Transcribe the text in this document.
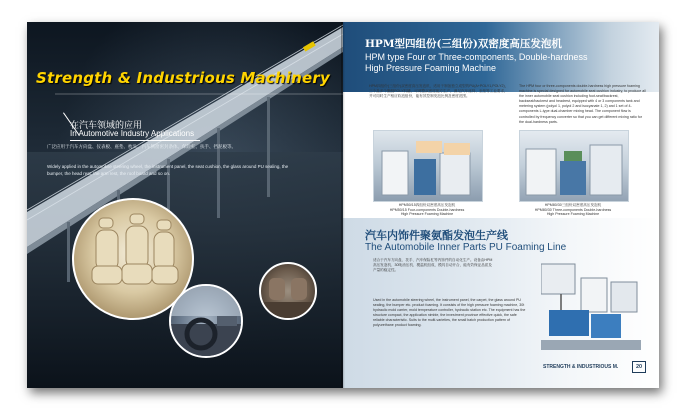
Strength & Industrious Machinery
在汽车领域的应用
In Automotive Industry Applications
广泛应用于汽车方向盘、仪表板、座垫、枕头、汽车侧窗密封条体、保险杠、扶手、挡泥板等。
Widely applied in the automobile steering wheel, the instrument panel, the seat cushion, the glass around PU sealing, the bumper, the head rest, the arm rest, the roof board and so on.
HPM型四组份(三组份)双密度高压发泡机
HPM type Four or Three-components, Double-hardness
High Pressure Foaming Machine
HPM四组份(三组份)双密度高压发泡机，适用于制备独立成型的PU(A+POLY1,POLY2)，三个及多个聚醚POLY料罐，可调整双密度配方生产，满足汽车座椅、坐垫等工业要求，并可同时生产相应软泡组份，能有效控制发泡比例及密度范围。
The HPM four or three-components double-hardness high pressure foaming machine is special designed for automobile seat cushion industry, to produce all the inner automobile seat cushion including foot-seat/backrest, backseat/backrest and headrest, equipped with 4 or 3 components tank and metering system (polyol 1, polyol 2 and isocyanate 1, 2) and 1 set of 4-components L-type dual-chamber mixing head. The component flow is controlled by frequency converter so that you can get different mixing ratio for the dual-hardness parts.
HPM50/15四组份双密度高压发泡机
HPM50/15 Four-components Double-hardness
High Pressure Foaming Machine
HPM80/30三组份双密度高压发泡机
HPM80/30 Three-components Double-hardness
High Pressure Foaming Machine
汽车内饰件聚氨酯发泡生产线
The Automobile Inner Parts PU Foaming Line
适合于汽车方向盘、扶手、汽车保险杠等内饰件的自动化生产。设备由HPM高压发泡机、30吨油压机、模温机组成，模具自动开合，能有效保证品质及产量的稳定性。
Used in the automobile steering wheel, the instrument panel, the carpet, the glass around PU sealing, the bumper etc. product foaming. It consists of the high pressure foaming machine, 30t hydraulic mold carrier, mold temperature controller, hydraulic station etc. The equipment has the structure compact, the application nimble, the investment province effective quick, the safe reliable characteristic. Suits to the multi-varieties, the small batch production pattern of polyurethane product foaming.
STRENGTH & INDUSTRIOUS M.	20
